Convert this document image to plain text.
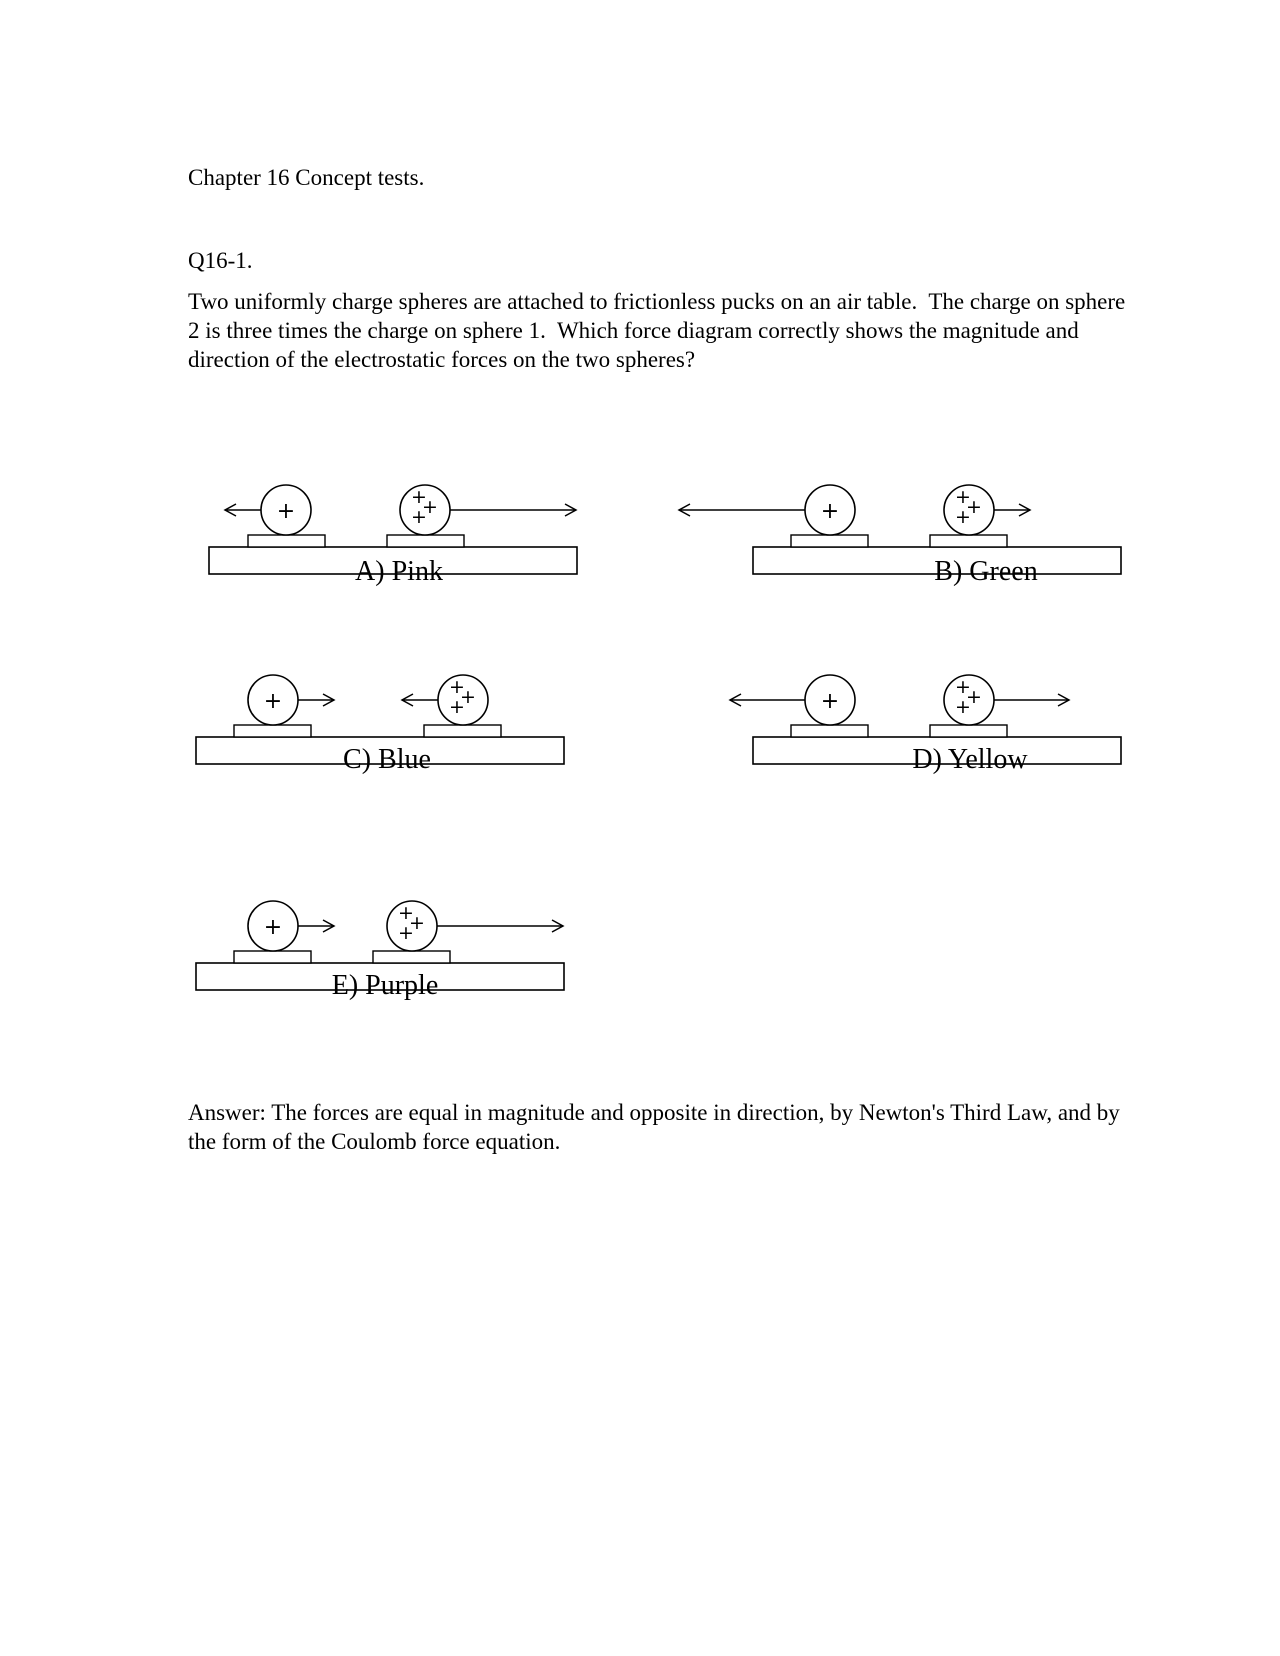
Chapter 16 Concept tests.

Q16-1.

Two uniformly charge spheres are attached to frictionless pucks on an air table.  The charge on sphere 2 is three times the charge on sphere 1.  Which force diagram correctly shows the magnitude and direction of the electrostatic forces on the two spheres?

+
+
+
+
A) Pink
+
+
+
+
B) Green
+
+
+
+
C) Blue
+
+
+
+
D) Yellow
+
+
+
+
E) Purple

Answer: The forces are equal in magnitude and opposite in direction, by Newton's Third Law, and by the form of the Coulomb force equation.
